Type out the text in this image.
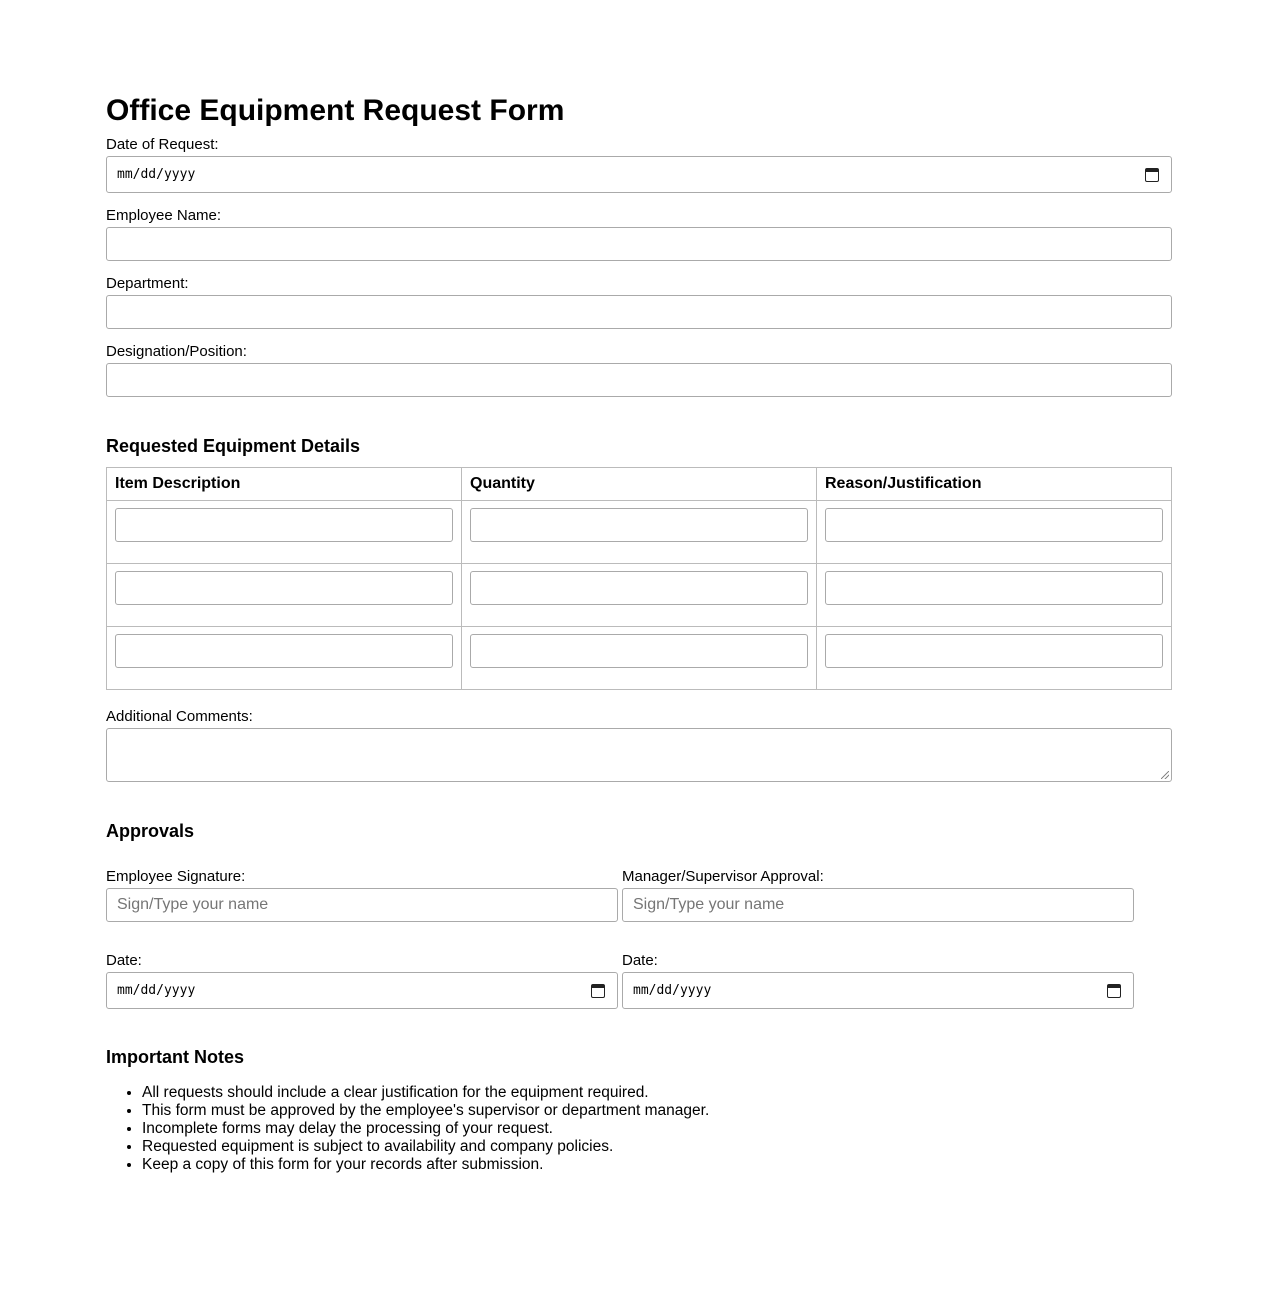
Office Equipment Request Form
Date of Request:
mm/dd/yyyy
Employee Name:
Department:
Designation/Position:
Requested Equipment Details
Item Description	Quantity	Reason/Justification

Additional Comments:
Approvals
Employee Signature:
Sign/Type your name
Manager/Supervisor Approval:
Sign/Type your name
Date:
mm/dd/yyyy
Date:
mm/dd/yyyy
Important Notes
• All requests should include a clear justification for the equipment required.
• This form must be approved by the employee's supervisor or department manager.
• Incomplete forms may delay the processing of your request.
• Requested equipment is subject to availability and company policies.
• Keep a copy of this form for your records after submission.
